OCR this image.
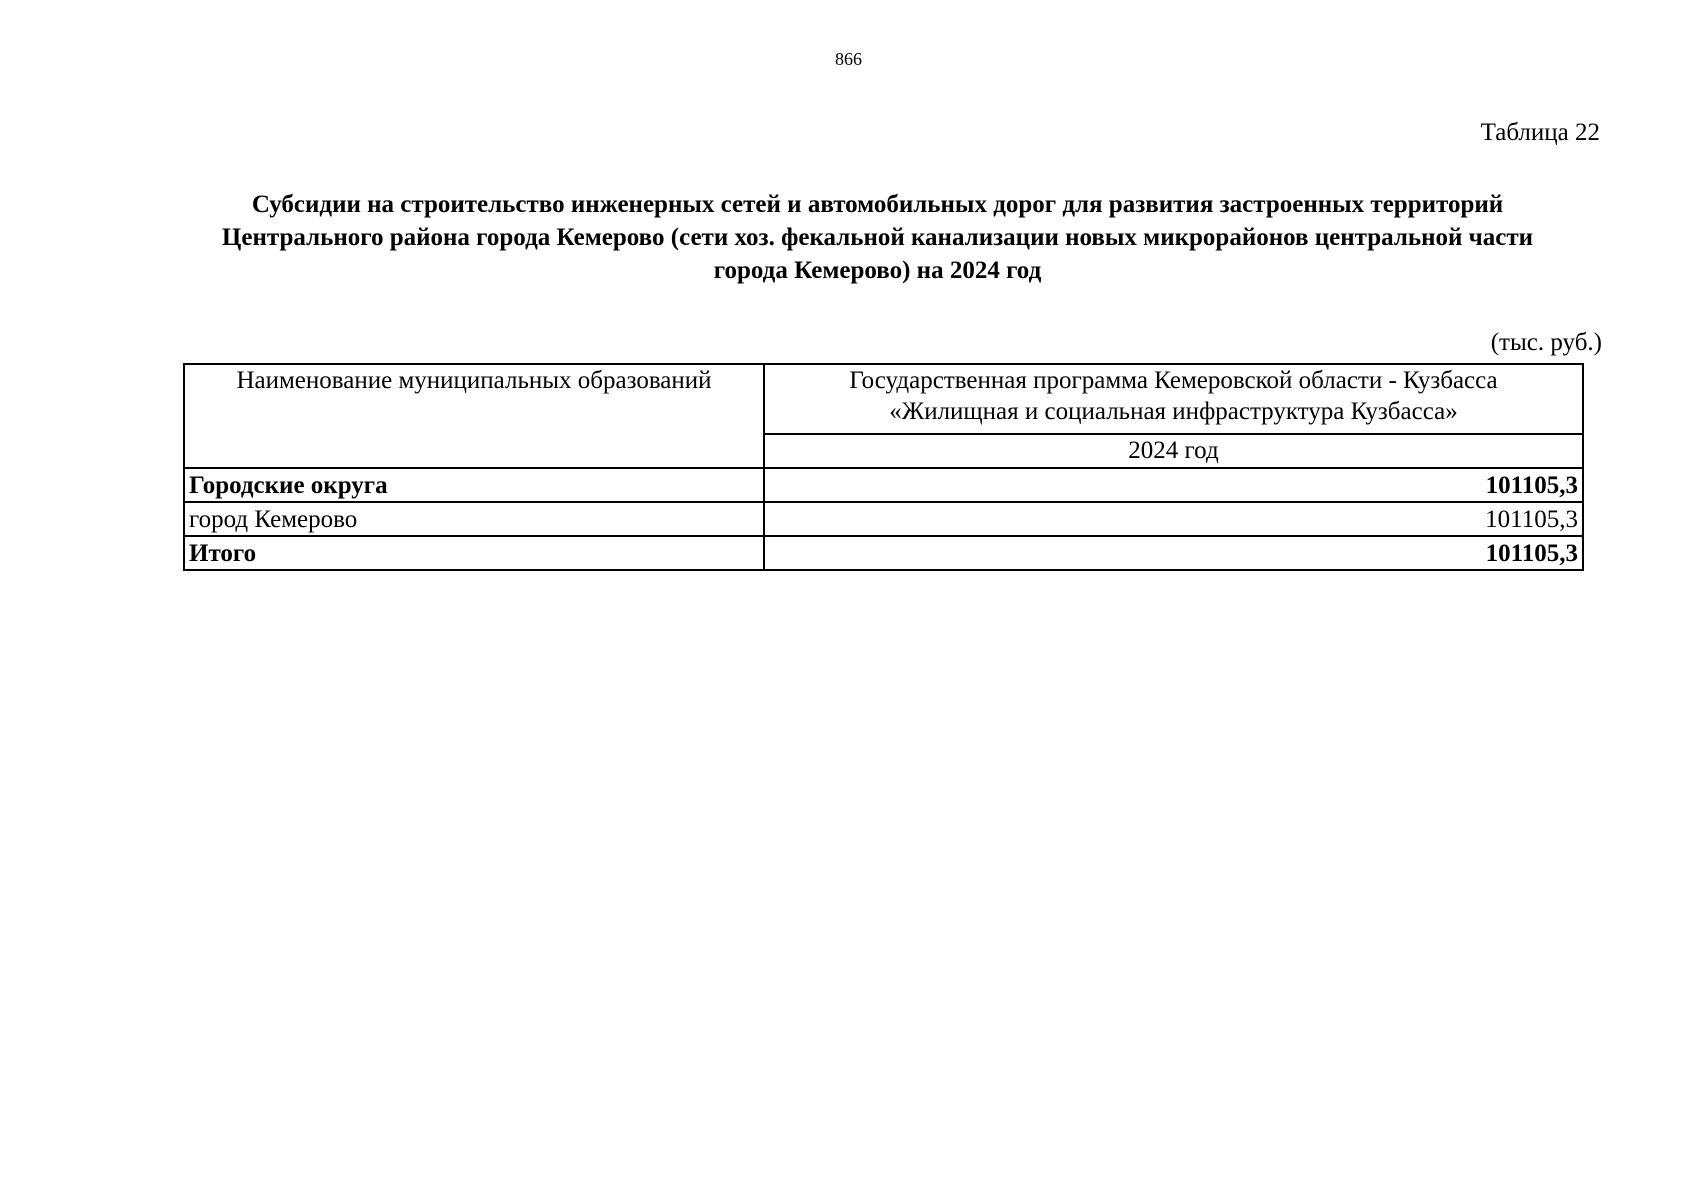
866
Таблица 22
Субсидии на строительство инженерных сетей и автомобильных дорог для развития застроенных территорий
Центрального района города Кемерово (сети хоз. фекальной канализации новых микрорайонов центральной части
города Кемерово) на 2024 год
(тыс. руб.)
Наименование муниципальных образований	Государственная программа Кемеровской области - Кузбасса
«Жилищная и социальная инфраструктура Кузбасса»

	2024 год
Городские округа	101105,3
город Кемерово	101105,3
Итого	101105,3
